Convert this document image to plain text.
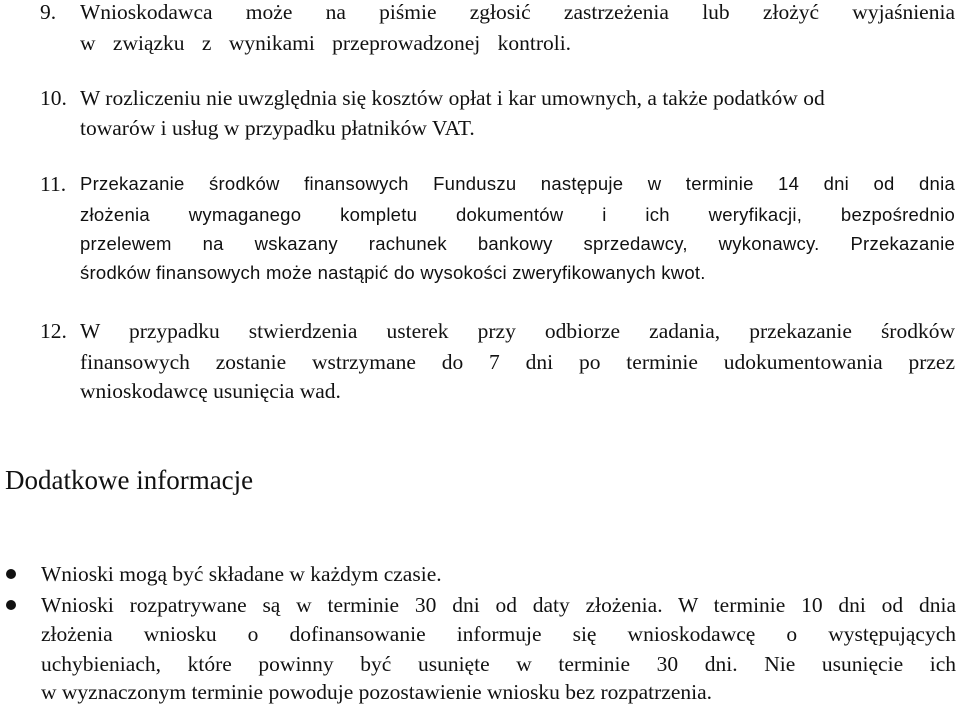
9. Wnioskodawca może na piśmie zgłosić zastrzeżenia lub złożyć wyjaśnienia
w związku z wynikami przeprowadzonej kontroli.
10. W rozliczeniu nie uwzględnia się kosztów opłat i kar umownych, a także podatków od
towarów i usług w przypadku płatników VAT.
11. Przekazanie środków finansowych Funduszu następuje w terminie 14 dni od dnia
złożenia wymaganego kompletu dokumentów i ich weryfikacji, bezpośrednio
przelewem na wskazany rachunek bankowy sprzedawcy, wykonawcy. Przekazanie
środków finansowych może nastąpić do wysokości zweryfikowanych kwot.
12. W przypadku stwierdzenia usterek przy odbiorze zadania, przekazanie środków
finansowych zostanie wstrzymane do 7 dni po terminie udokumentowania przez
wnioskodawcę usunięcia wad.
Dodatkowe informacje
Wnioski mogą być składane w każdym czasie.
Wnioski rozpatrywane są w terminie 30 dni od daty złożenia. W terminie 10 dni od dnia
złożenia wniosku o dofinansowanie informuje się wnioskodawcę o występujących
uchybieniach, które powinny być usunięte w terminie 30 dni. Nie usunięcie ich
w wyznaczonym terminie powoduje pozostawienie wniosku bez rozpatrzenia.
